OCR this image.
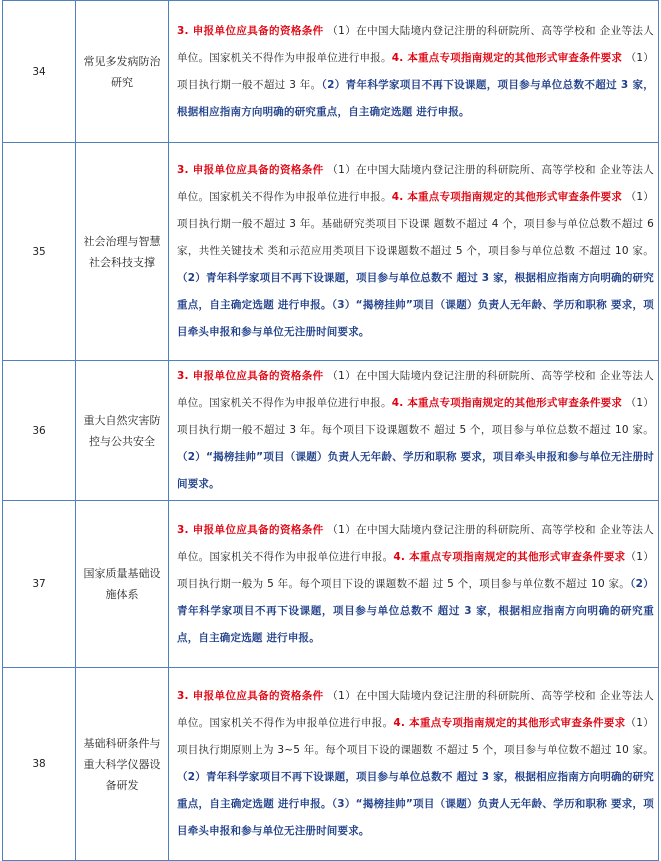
34	常见多发病防治研究	3. 申报单位应具备的资格条件 （1）在中国大陆境内登记注册的科研院所、高等学校和 企业等法人单位。国家机关不得作为申报单位进行申报。4. 本重点专项指南规定的其他形式审查条件要求 （1）项目执行期一般不超过 3 年。（2）青年科学家项目不再下设课题，项目参与单位总数不超过 3 家，根据相应指南方向明确的研究重点，自主确定选题 进行申报。
35	社会治理与智慧社会科技支撑	3. 申报单位应具备的资格条件 （1）在中国大陆境内登记注册的科研院所、高等学校和 企业等法人单位。国家机关不得作为申报单位进行申报。4. 本重点专项指南规定的其他形式审查条件要求 （1）项目执行期一般不超过 3 年。基础研究类项目下设课 题数不超过 4 个，项目参与单位总数不超过 6 家，共性关键技术 类和示范应用类项目下设课题数不超过 5 个，项目参与单位总数 不超过 10 家。（2）青年科学家项目不再下设课题，项目参与单位总数不 超过 3 家，根据相应指南方向明确的研究重点，自主确定选题 进行申报。（3）“揭榜挂帅”项目（课题）负责人无年龄、学历和职称 要求，项目牵头申报和参与单位无注册时间要求。
36	重大自然灾害防控与公共安全	3. 申报单位应具备的资格条件 （1）在中国大陆境内登记注册的科研院所、高等学校和 企业等法人单位。国家机关不得作为申报单位进行申报。4. 本重点专项指南规定的其他形式审查条件要求 （1）项目执行期一般不超过 3 年。每个项目下设课题数不 超过 5 个，项目参与单位总数不超过 10 家。（2）“揭榜挂帅”项目（课题）负责人无年龄、学历和职称 要求，项目牵头申报和参与单位无注册时间要求。
37	国家质量基础设施体系	3. 申报单位应具备的资格条件 （1）在中国大陆境内登记注册的科研院所、高等学校和 企业等法人单位。国家机关不得作为申报单位进行申报。4. 本重点专项指南规定的其他形式审查条件要求（1）项目执行期一般为 5 年。每个项目下设的课题数不超 过 5 个，项目参与单位数不超过 10 家。（2）青年科学家项目不再下设课题，项目参与单位总数不 超过 3 家，根据相应指南方向明确的研究重点，自主确定选题 进行申报。
38	基础科研条件与重大科学仪器设备研发	3. 申报单位应具备的资格条件 （1）在中国大陆境内登记注册的科研院所、高等学校和 企业等法人单位。国家机关不得作为申报单位进行申报。4. 本重点专项指南规定的其他形式审查条件要求（1）项目执行期原则上为 3~5 年。每个项目下设的课题数 不超过 5 个，项目参与单位数不超过 10 家。 （2）青年科学家项目不再下设课题，项目参与单位总数不 超过 3 家，根据相应指南方向明确的研究重点，自主确定选题 进行申报。（3）“揭榜挂帅”项目（课题）负责人无年龄、学历和职称 要求，项目牵头申报和参与单位无注册时间要求。
